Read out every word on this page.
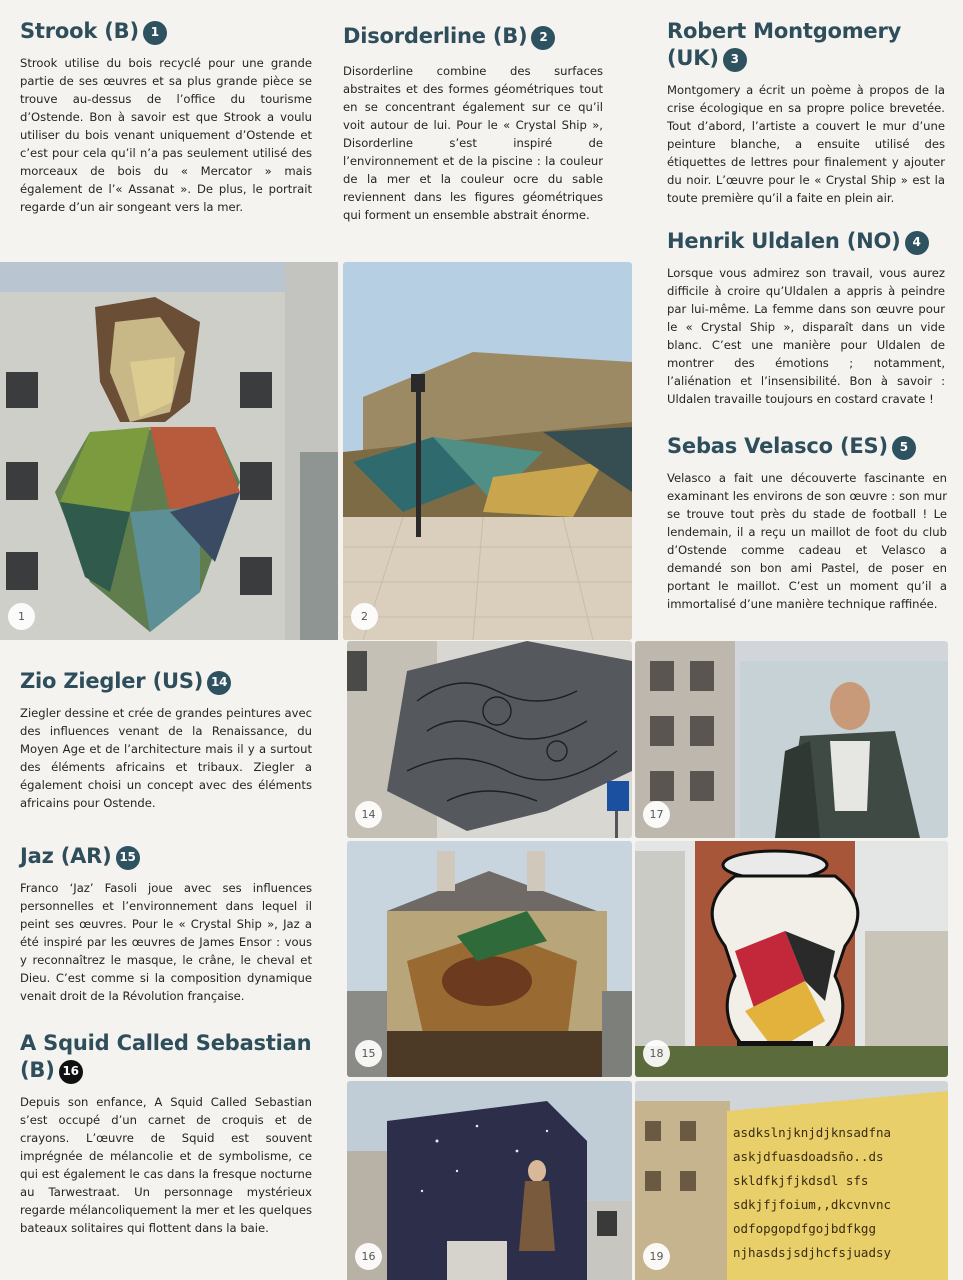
Strook (B) 1

Strook utilise du bois recyclé pour une grande partie de ses œuvres et sa plus grande pièce se trouve au-dessus de l’office du tourisme d’Ostende. Bon à savoir est que Strook a voulu utiliser du bois venant uniquement d’Ostende et c’est pour cela qu’il n’a pas seulement utilisé des morceaux de bois du « Mercator » mais également de l’« Assanat ». De plus, le portrait regarde d’un air songeant vers la mer.

Disorderline (B) 2

Disorderline combine des surfaces abstraites et des formes géométriques tout en se concentrant également sur ce qu’il voit autour de lui. Pour le « Crystal Ship », Disorderline s’est inspiré de l’environnement et de la piscine : la couleur de la mer et la couleur ocre du sable reviennent dans les figures géométriques qui forment un ensemble abstrait énorme.

Robert Montgomery
(UK) 3

Montgomery a écrit un poème à propos de la crise écologique en sa propre police brevetée. Tout d’abord, l’artiste a couvert le mur d’une peinture blanche, a ensuite utilisé des étiquettes de lettres pour finalement y ajouter du noir. L’œuvre pour le « Crystal Ship » est la toute première qu’il a faite en plein air.

Henrik Uldalen (NO) 4

Lorsque vous admirez son travail, vous aurez difficile à croire qu’Uldalen a appris à peindre par lui-même. La femme dans son œuvre pour le « Crystal Ship », disparaît dans un vide blanc. C’est une manière pour Uldalen de montrer des émotions ; notamment, l’aliénation et l’insensibilité. Bon à savoir : Uldalen travaille toujours en costard cravate !

Sebas Velasco (ES) 5

Velasco a fait une découverte fascinante en examinant les environs de son œuvre : son mur se trouve tout près du stade de football ! Le lendemain, il a reçu un maillot de foot du club d’Ostende comme cadeau et Velasco a demandé son bon ami Pastel, de poser en portant le maillot. C’est un moment qu’il a immortalisé d’une manière technique raffinée.

Zio Ziegler (US) 14

Ziegler dessine et crée de grandes peintures avec des influences venant de la Renaissance, du Moyen Age et de l’architecture mais il y a surtout des éléments africains et tribaux. Ziegler a également choisi un concept avec des éléments africains pour Ostende.

Jaz (AR) 15

Franco ‘Jaz’ Fasoli joue avec ses influences personnelles et l’environnement dans lequel il peint ses œuvres. Pour le « Crystal Ship », Jaz a été inspiré par les œuvres de James Ensor : vous y reconnaîtrez le masque, le crâne, le cheval et Dieu. C’est comme si la composition dynamique venait droit de la Révolution française.

A Squid Called Sebastian
(B) 16

Depuis son enfance, A Squid Called Sebastian s’est occupé d’un carnet de croquis et de crayons. L’œuvre de Squid est souvent imprégnée de mélancolie et de symbolisme, ce qui est également le cas dans la fresque nocturne au Tarwestraat. Un personnage mystérieux regarde mélancoliquement la mer et les quelques bateaux solitaires qui flottent dans la baie.

1	2
14	17
15	18
16
asdkslnjknjdjknsadfna
askjdfuasdoadsño..ds
skldfkjfjkdsdl sfs
sdkjfjfoium,,dkcvnvnc
odfopgopdfgojbdfkgg
njhasdsjsdjhcfsjuadsy
19
